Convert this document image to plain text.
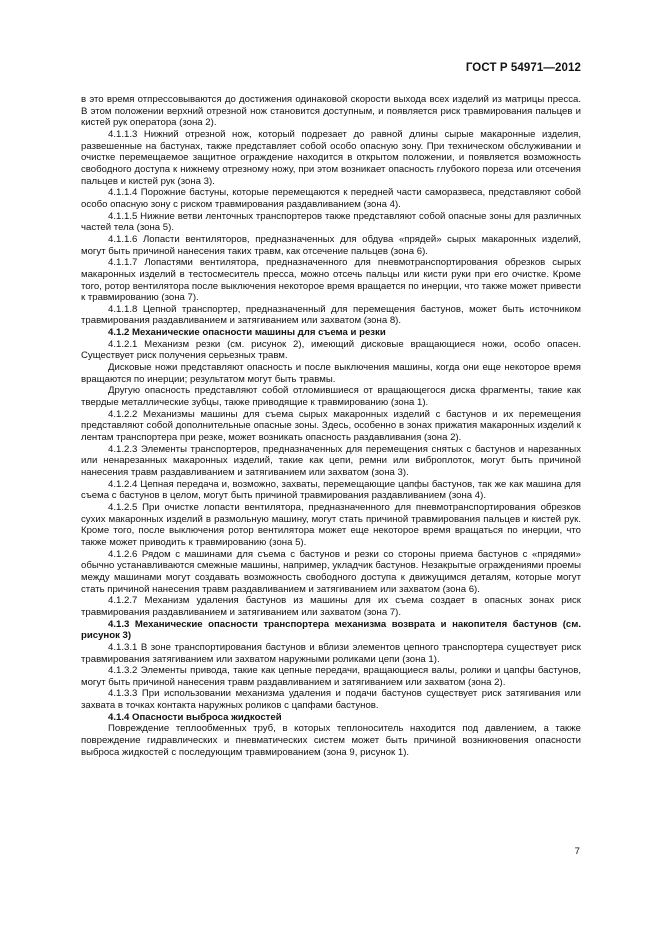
ГОСТ Р 54971—2012

в это время отпрессовываются до достижения одинаковой скорости выхода всех изделий из матрицы пресса. В этом положении верхний отрезной нож становится доступным, и появляется риск травмирования пальцев и кистей рук оператора (зона 2).

4.1.1.3 Нижний отрезной нож, который подрезает до равной длины сырые макаронные изделия, развешенные на бастунах, также представляет собой особо опасную зону. При техническом обслуживании и очистке перемещаемое защитное ограждение находится в открытом положении, и появляется возможность свободного доступа к нижнему отрезному ножу, при этом возникает опасность глубокого пореза или отсечения пальцев и кистей рук (зона 3).

4.1.1.4 Порожние бастуны, которые перемещаются к передней части саморазвеса, представляют собой особо опасную зону с риском травмирования раздавливанием (зона 4).

4.1.1.5 Нижние ветви ленточных транспортеров также представляют собой опасные зоны для различных частей тела (зона 5).

4.1.1.6 Лопасти вентиляторов, предназначенных для обдува «прядей» сырых макаронных изделий, могут быть причиной нанесения таких травм, как отсечение пальцев (зона 6).

4.1.1.7 Лопастями вентилятора, предназначенного для пневмотранспортирования обрезков сырых макаронных изделий в тестосмеситель пресса, можно отсечь пальцы или кисти руки при его очистке. Кроме того, ротор вентилятора после выключения некоторое время вращается по инерции, что также может привести к травмированию (зона 7).

4.1.1.8 Цепной транспортер, предназначенный для перемещения бастунов, может быть источником травмирования раздавливанием и затягиванием или захватом (зона 8).

4.1.2 Механические опасности машины для съема и резки

4.1.2.1 Механизм резки (см. рисунок 2), имеющий дисковые вращающиеся ножи, особо опасен. Существует риск получения серьезных травм.

Дисковые ножи представляют опасность и после выключения машины, когда они еще некоторое время вращаются по инерции; результатом могут быть травмы.

Другую опасность представляют собой отломившиеся от вращающегося диска фрагменты, такие как твердые металлические зубцы, также приводящие к травмированию (зона 1).

4.1.2.2 Механизмы машины для съема сырых макаронных изделий с бастунов и их перемещения представляют собой дополнительные опасные зоны. Здесь, особенно в зонах прижатия макаронных изделий к лентам транспортера при резке, может возникать опасность раздавливания (зона 2).

4.1.2.3 Элементы транспортеров, предназначенных для перемещения снятых с бастунов и нарезанных или ненарезанных макаронных изделий, такие как цепи, ремни или виброплоток, могут быть причиной нанесения травм раздавливанием и затягиванием или захватом (зона 3).

4.1.2.4 Цепная передача и, возможно, захваты, перемещающие цапфы бастунов, так же как машина для съема с бастунов в целом, могут быть причиной травмирования раздавливанием (зона 4).

4.1.2.5 При очистке лопасти вентилятора, предназначенного для пневмотранспортирования обрезков сухих макаронных изделий в размольную машину, могут стать причиной травмирования пальцев и кистей рук. Кроме того, после выключения ротор вентилятора может еще некоторое время вращаться по инерции, что также может приводить к травмированию (зона 5).

4.1.2.6 Рядом с машинами для съема с бастунов и резки со стороны приема бастунов с «прядями» обычно устанавливаются смежные машины, например, укладчик бастунов. Незакрытые ограждениями проемы между машинами могут создавать возможность свободного доступа к движущимся деталям, которые могут стать причиной нанесения травм раздавливанием и затягиванием или захватом (зона 6).

4.1.2.7 Механизм удаления бастунов из машины для их съема создает в опасных зонах риск травмирования раздавливанием и затягиванием или захватом (зона 7).

4.1.3 Механические опасности транспортера механизма возврата и накопителя бастунов (см. рисунок 3)

4.1.3.1 В зоне транспортирования бастунов и вблизи элементов цепного транспортера существует риск травмирования затягиванием или захватом наружными роликами цепи (зона 1).

4.1.3.2 Элементы привода, такие как цепные передачи, вращающиеся валы, ролики и цапфы бастунов, могут быть причиной нанесения травм раздавливанием и затягиванием или захватом (зона 2).

4.1.3.3 При использовании механизма удаления и подачи бастунов существует риск затягивания или захвата в точках контакта наружных роликов с цапфами бастунов.

4.1.4 Опасности выброса жидкостей

Повреждение теплообменных труб, в которых теплоноситель находится под давлением, а также повреждение гидравлических и пневматических систем может быть причиной возникновения опасности выброса жидкостей с последующим травмированием (зона 9, рисунок 1).

7
